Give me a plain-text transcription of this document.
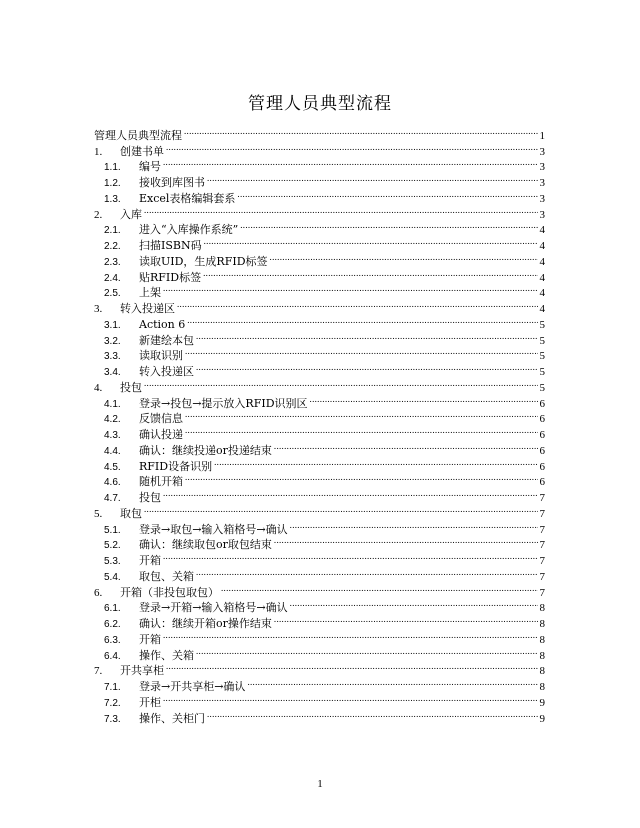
管理人员典型流程
管理人员典型流程 .....	1
1.	创建书单 .....	3
1.1.	编号 .....	3
1.2.	接收到库图书 .....	3
1.3.	Excel表格编辑套系 .....	3
2.	入库 .....	3
2.1.	进入“入库操作系统” .....	4
2.2.	扫描ISBN码 .....	4
2.3.	读取UID，生成RFID标签 .....	4
2.4.	贴RFID标签 .....	4
2.5.	上架 .....	4
3.	转入投递区 .....	4
3.1.	Action 6 .....	5
3.2.	新建绘本包 .....	5
3.3.	读取识别 .....	5
3.4.	转入投递区 .....	5
4.	投包 .....	5
4.1.	登录→投包→提示放入RFID识别区 .....	6
4.2.	反馈信息 .....	6
4.3.	确认投递 .....	6
4.4.	确认：继续投递or投递结束 .....	6
4.5.	RFID设备识别 .....	6
4.6.	随机开箱 .....	6
4.7.	投包 .....	7
5.	取包 .....	7
5.1.	登录→取包→输入箱格号→确认 .....	7
5.2.	确认：继续取包or取包结束 .....	7
5.3.	开箱 .....	7
5.4.	取包、关箱 .....	7
6.	开箱（非投包取包） .....	7
6.1.	登录→开箱→输入箱格号→确认 .....	8
6.2.	确认：继续开箱or操作结束 .....	8
6.3.	开箱 .....	8
6.4.	操作、关箱 .....	8
7.	开共享柜 .....	8
7.1.	登录→开共享柜→确认 .....	8
7.2.	开柜 .....	9
7.3.	操作、关柜门 .....	9
1
